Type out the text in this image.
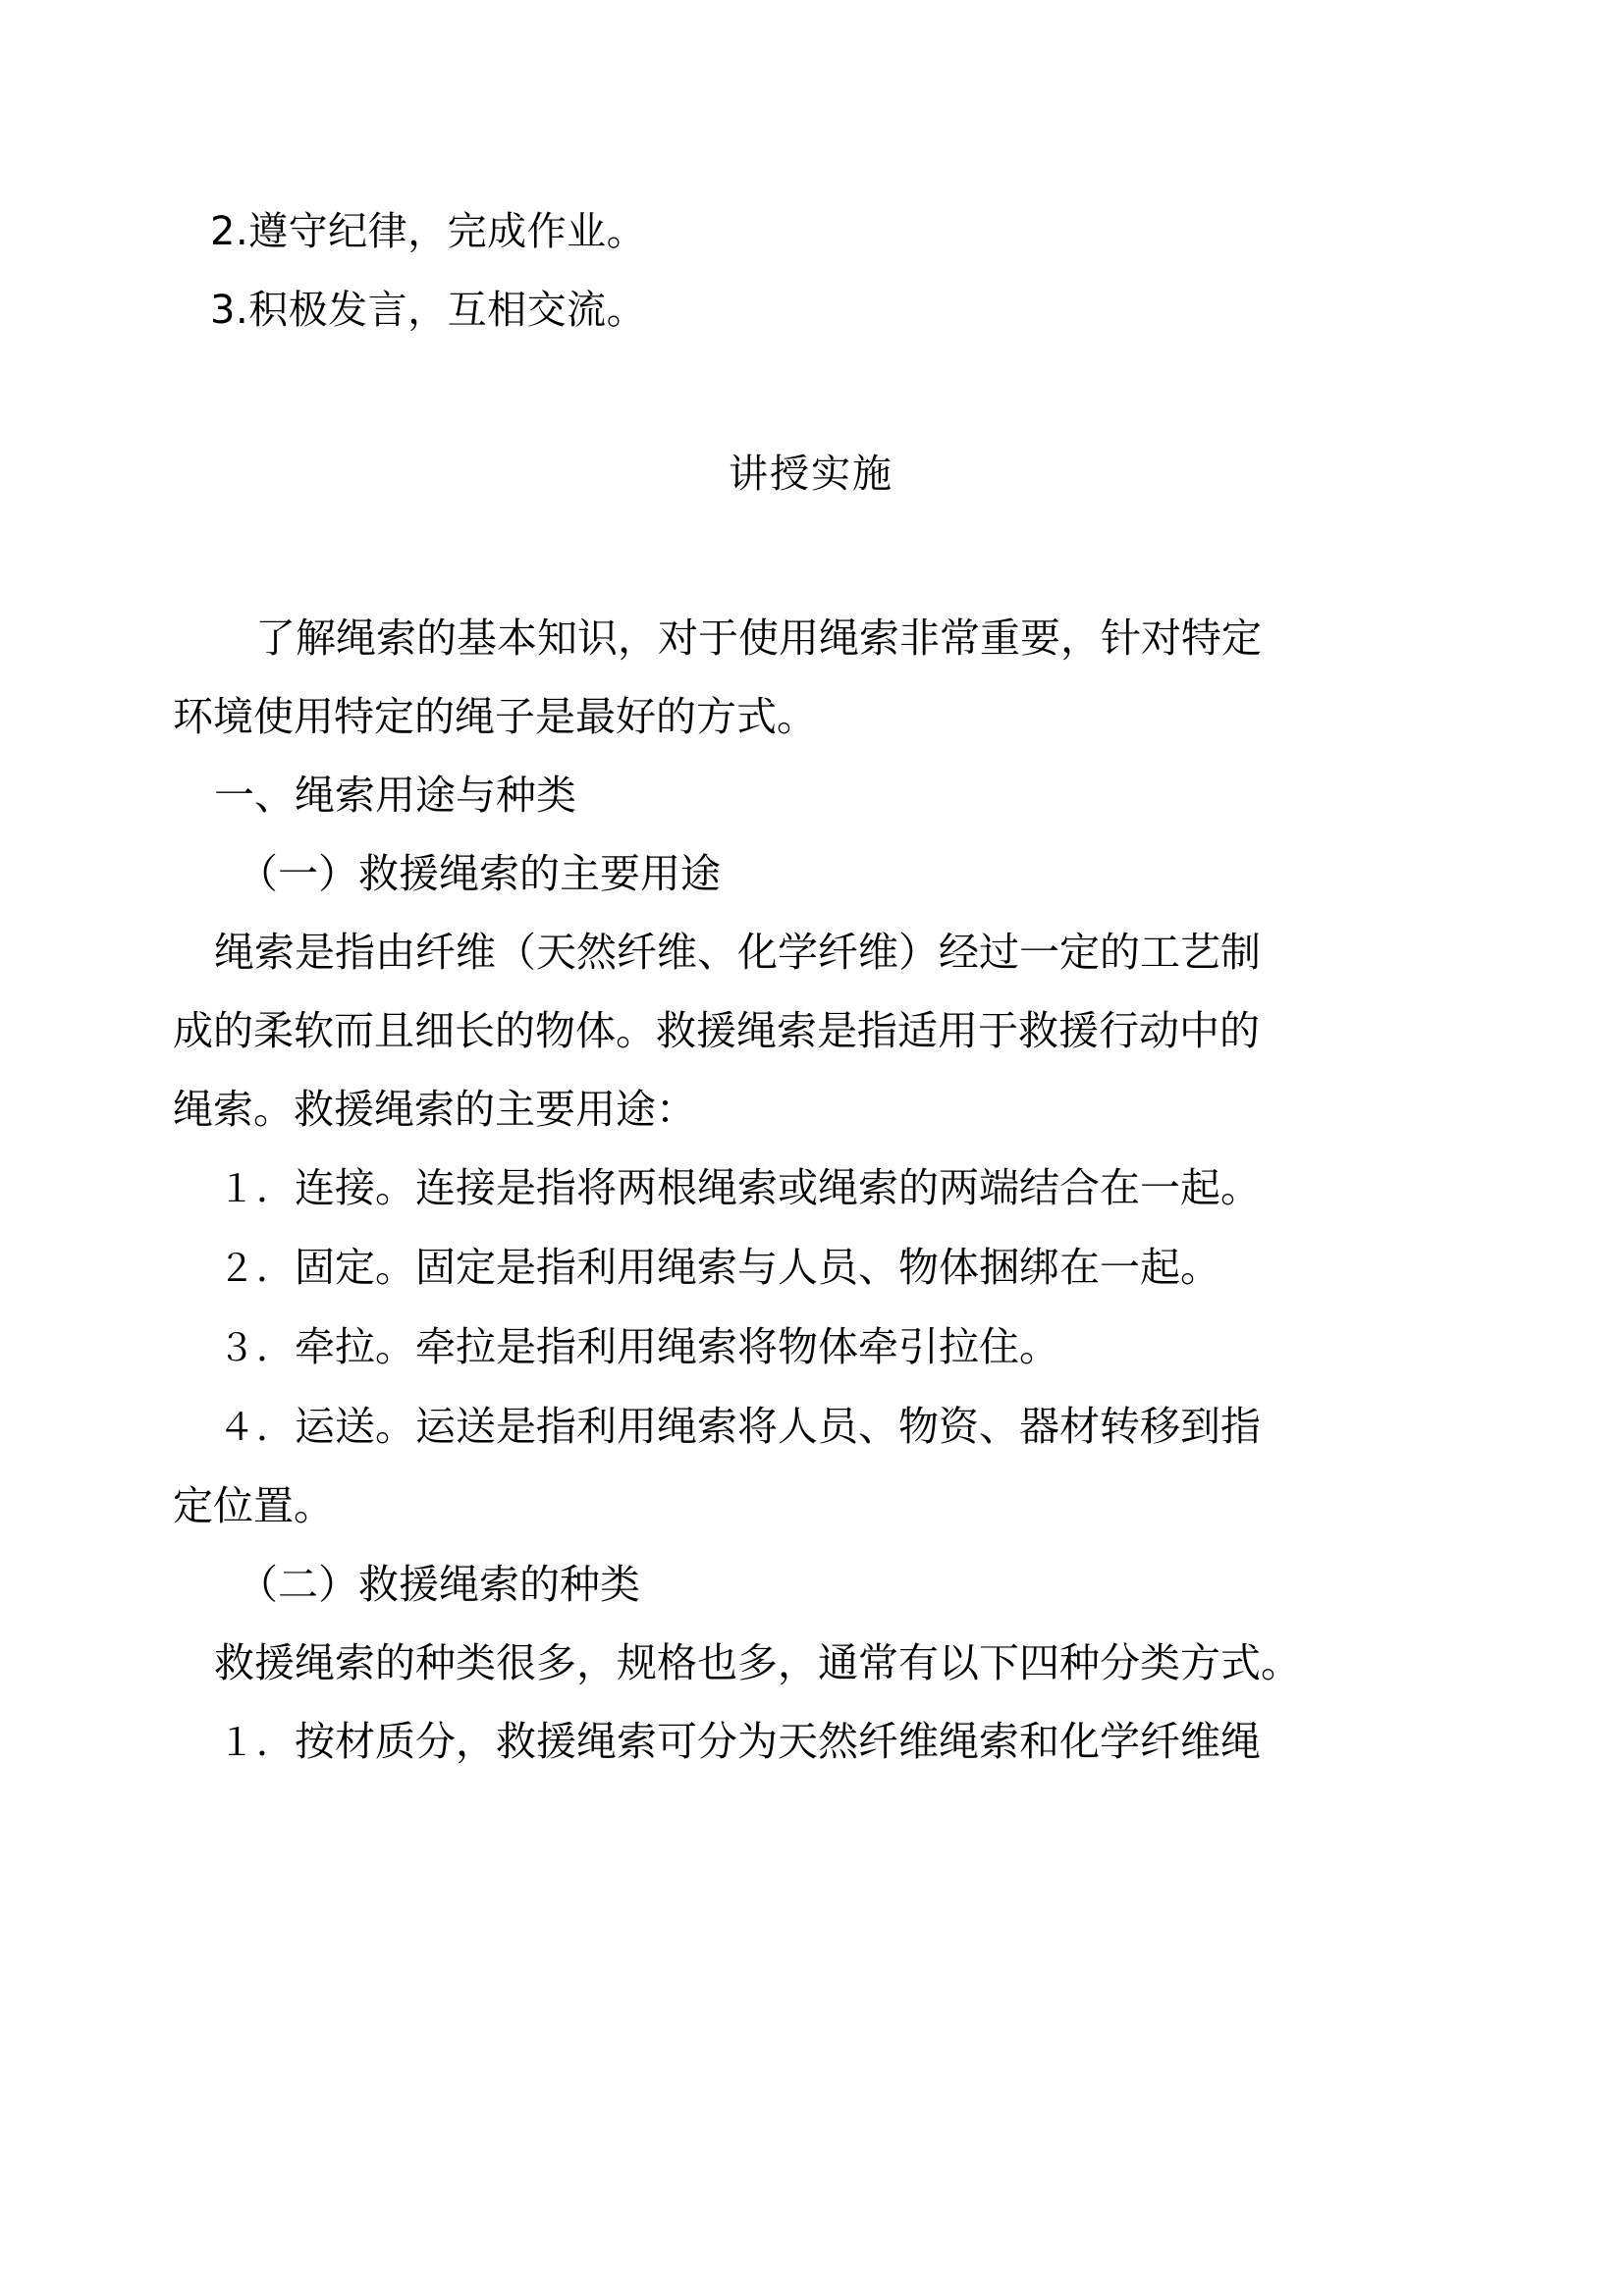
2.遵守纪律，完成作业。
3.积极发言，互相交流。
讲授实施
了解绳索的基本知识，对于使用绳索非常重要，针对特定
环境使用特定的绳子是最好的方式。
一、绳索用途与种类
（一）救援绳索的主要用途
绳索是指由纤维（天然纤维、化学纤维）经过一定的工艺制
成的柔软而且细长的物体。救援绳索是指适用于救援行动中的
绳索。救援绳索的主要用途：
１．连接。连接是指将两根绳索或绳索的两端结合在一起。
２．固定。固定是指利用绳索与人员、物体捆绑在一起。
３．牵拉。牵拉是指利用绳索将物体牵引拉住。
４．运送。运送是指利用绳索将人员、物资、器材转移到指
定位置。
（二）救援绳索的种类
救援绳索的种类很多，规格也多，通常有以下四种分类方式。
１．按材质分，救援绳索可分为天然纤维绳索和化学纤维绳
